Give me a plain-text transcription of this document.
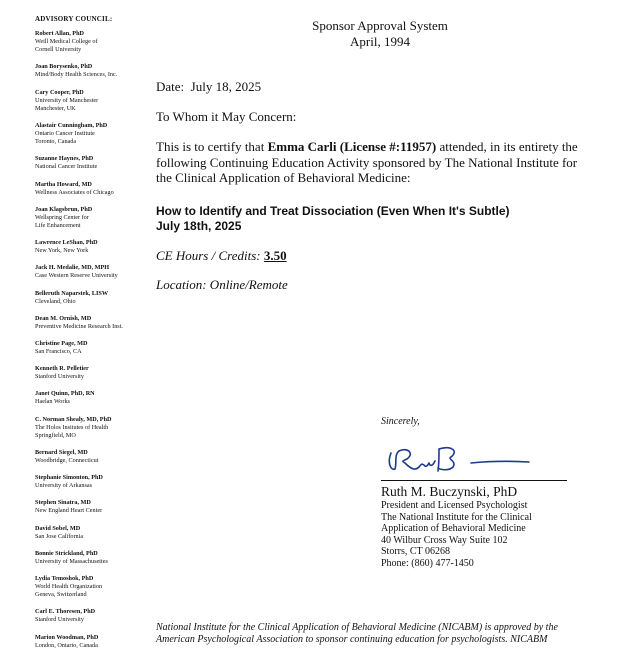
ADVISORY COUNCIL:
Robert Allan, PhD
Weill Medical College of
Cornell University
Joan Borysenko, PhD
Mind/Body Health Sciences, Inc.
Cary Cooper, PhD
University of Manchester
Manchester, UK
Alastair Cunningham, PhD
Ontario Cancer Institute
Toronto, Canada
Suzanne Haynes, PhD
National Cancer Institute
Martha Howard, MD
Wellness Associates of Chicago
Joan Klagsbrun, PhD
Wellspring Center for
Life Enhancement
Lawrence LeShan, PhD
New York, New York
Jack H. Medalie, MD, MPH
Case Western Reserve University
Belleruth Naparstek, LISW
Cleveland, Ohio
Dean M. Ornish, MD
Preventive Medicine Research Inst.
Christine Page, MD
San Francisco, CA
Kenneth R. Pelletier
Stanford University
Janet Quinn, PhD, RN
Haelan Works
C. Norman Shealy, MD, PhD
The Holos Insitutes of Health
Springfield, MO
Bernard Siegel, MD
Woodbridge, Connecticut
Stephanie Simonton, PhD
University of Arkansas
Stephen Sinatra, MD
New England Heart Center
David Sobel, MD
San Jose California
Bonnie Strickland, PhD
University of Massachusettes
Lydia Temoshok, PhD
World Health Organization
Geneva, Switzerland
Carl E. Thoresen, PhD
Stanford University
Marion Woodman, PhD
London, Ontario, Canada
Sponsor Approval System
April, 1994
Date: July 18, 2025
To Whom it May Concern:
This is to certify that Emma Carli (License #:11957) attended, in its entirety the following Continuing Education Activity sponsored by The National Institute for the Clinical Application of Behavioral Medicine:
How to Identify and Treat Dissociation (Even When It's Subtle)
July 18th, 2025
CE Hours / Credits: 3.50
Location: Online/Remote
Sincerely,
Ruth M. Buczynski, PhD
President and Licensed Psychologist
The National Institute for the Clinical
Application of Behavioral Medicine
40 Wilbur Cross Way Suite 102
Storrs, CT 06268
Phone: (860) 477-1450
National Institute for the Clinical Application of Behavioral Medicine (NICABM) is approved by the
American Psychological Association to sponsor continuing education for psychologists. NICABM
